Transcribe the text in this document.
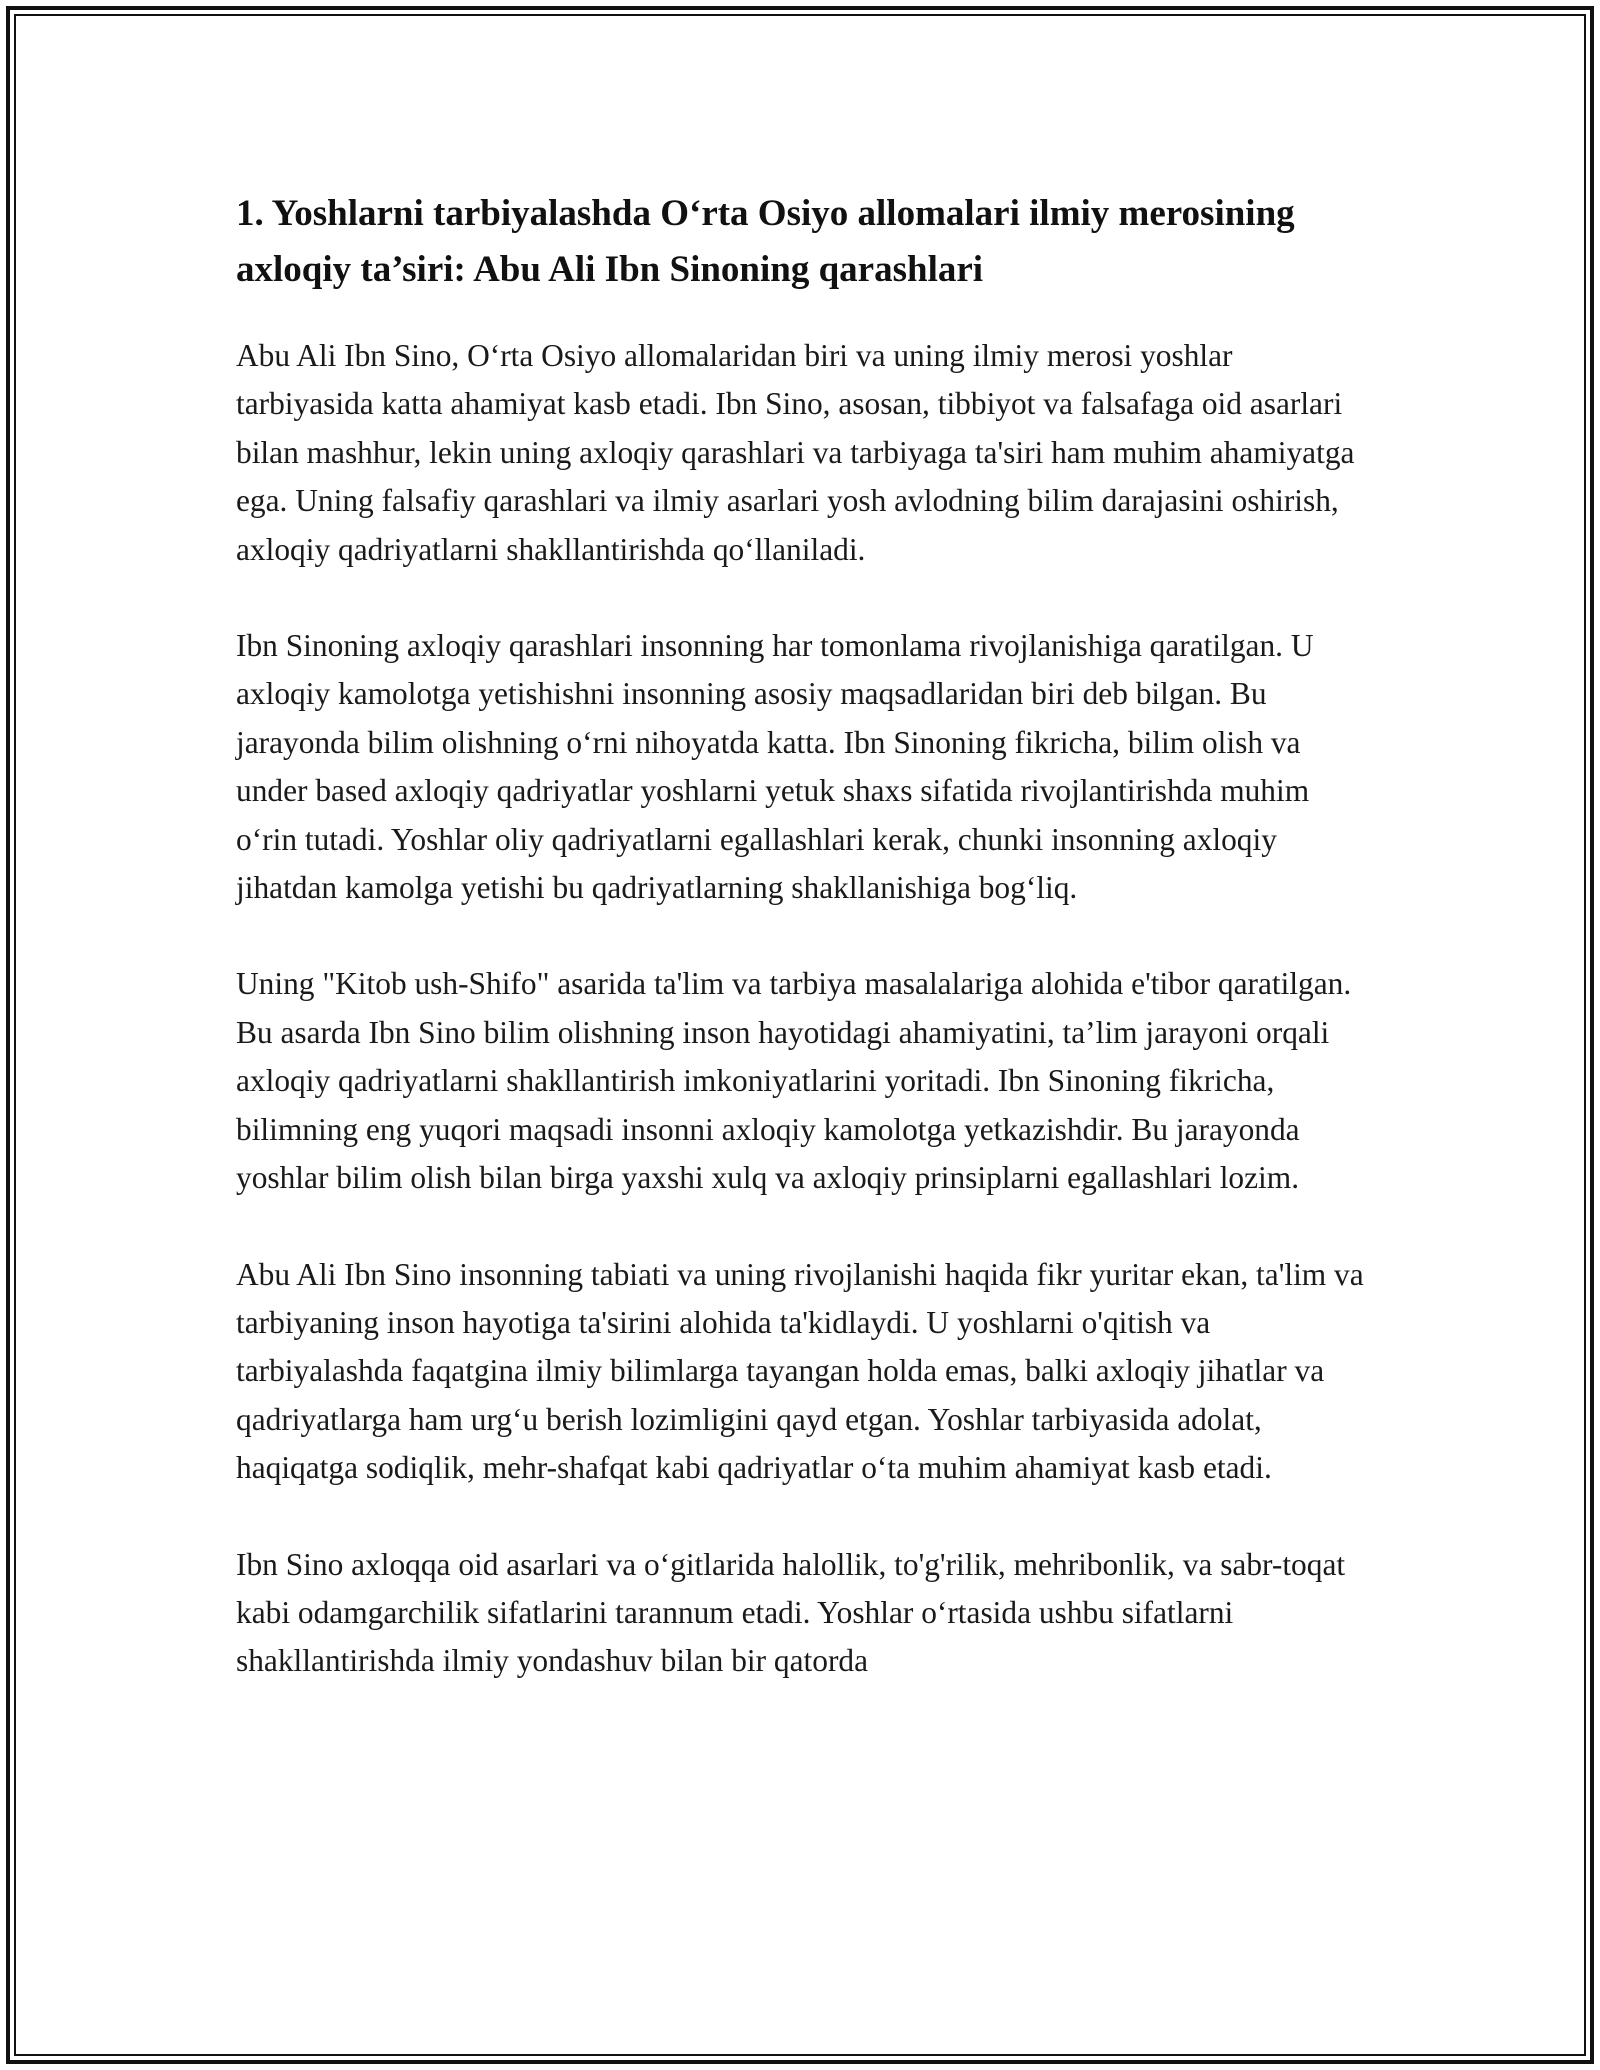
1. Yoshlarni tarbiyalashda O‘rta Osiyo allomalari ilmiy merosining axloqiy ta’siri: Abu Ali Ibn Sinoning qarashlari

Abu Ali Ibn Sino, O‘rta Osiyo allomalaridan biri va uning ilmiy merosi yoshlar tarbiyasida katta ahamiyat kasb etadi. Ibn Sino, asosan, tibbiyot va falsafaga oid asarlari bilan mashhur, lekin uning axloqiy qarashlari va tarbiyaga ta'siri ham muhim ahamiyatga ega. Uning falsafiy qarashlari va ilmiy asarlari yosh avlodning bilim darajasini oshirish, axloqiy qadriyatlarni shakllantirishda qo‘llaniladi.

Ibn Sinoning axloqiy qarashlari insonning har tomonlama rivojlanishiga qaratilgan. U axloqiy kamolotga yetishishni insonning asosiy maqsadlaridan biri deb bilgan. Bu jarayonda bilim olishning o‘rni nihoyatda katta. Ibn Sinoning fikricha, bilim olish va under based axloqiy qadriyatlar yoshlarni yetuk shaxs sifatida rivojlantirishda muhim o‘rin tutadi. Yoshlar oliy qadriyatlarni egallashlari kerak, chunki insonning axloqiy jihatdan kamolga yetishi bu qadriyatlarning shakllanishiga bog‘liq.

Uning "Kitob ush-Shifo" asarida ta'lim va tarbiya masalalariga alohida e'tibor qaratilgan. Bu asarda Ibn Sino bilim olishning inson hayotidagi ahamiyatini, ta’lim jarayoni orqali axloqiy qadriyatlarni shakllantirish imkoniyatlarini yoritadi. Ibn Sinoning fikricha, bilimning eng yuqori maqsadi insonni axloqiy kamolotga yetkazishdir. Bu jarayonda yoshlar bilim olish bilan birga yaxshi xulq va axloqiy prinsiplarni egallashlari lozim.

Abu Ali Ibn Sino insonning tabiati va uning rivojlanishi haqida fikr yuritar ekan, ta'lim va tarbiyaning inson hayotiga ta'sirini alohida ta'kidlaydi. U yoshlarni o'qitish va tarbiyalashda faqatgina ilmiy bilimlarga tayangan holda emas, balki axloqiy jihatlar va qadriyatlarga ham urg‘u berish lozimligini qayd etgan. Yoshlar tarbiyasida adolat, haqiqatga sodiqlik, mehr-shafqat kabi qadriyatlar o‘ta muhim ahamiyat kasb etadi.

Ibn Sino axloqqa oid asarlari va o‘gitlarida halollik, to'g'rilik, mehribonlik, va sabr-toqat kabi odamgarchilik sifatlarini tarannum etadi. Yoshlar o‘rtasida ushbu sifatlarni shakllantirishda ilmiy yondashuv bilan bir qatorda
